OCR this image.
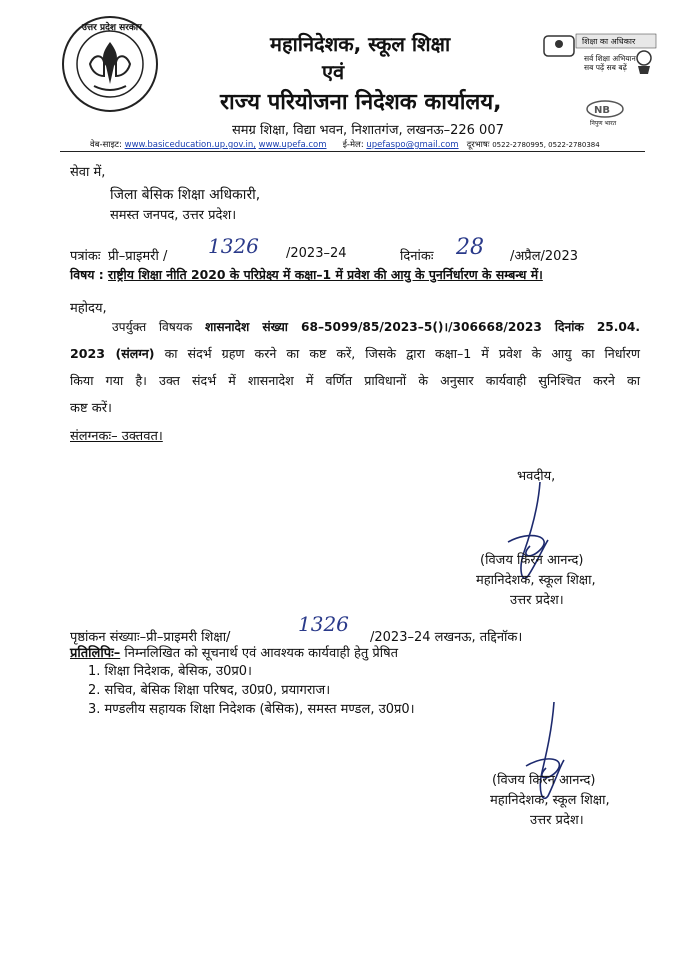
उत्तर प्रदेश सरकार
महानिदेशक, स्कूल शिक्षा
एवं
राज्य परियोजना निदेशक कार्यालय,
समग्र शिक्षा, विद्या भवन, निशातगंज, लखनऊ–226 007
शिक्षा का अधिकार
सर्व शिक्षा अभियान
सब पढ़ें सब बढ़ें
NB
निपुण भारत
वेब-साइट: www.basiceducation.up.gov.in, www.upefa.com ई-मेल: upefaspo@gmail.com दूरभाषः 0522-2780995, 0522-2780384
सेवा में,
जिला बेसिक शिक्षा अधिकारी,
समस्त जनपद, उत्तर प्रदेश।
पत्रांकः प्री–प्राइमरी / 1326 /2023–24	दिनांकः 28 /अप्रैल/2023
विषय : राष्ट्रीय शिक्षा नीति 2020 के परिप्रेक्ष्य में कक्षा–1 में प्रवेश की आयु के पुनर्निर्धारण के सम्बन्ध में।
महोदय,
उपर्युक्त विषयक शासनादेश संख्या 68–5099/85/2023–5()।/306668/2023 दिनांक 25.04.
2023 (संलग्न) का संदर्भ ग्रहण करने का कष्ट करें, जिसके द्वारा कक्षा–1 में प्रवेश के आयु का निर्धारण
किया गया है। उक्त संदर्भ में शासनादेश में वर्णित प्राविधानों के अनुसार कार्यवाही सुनिश्चित करने का
कष्ट करें।
संलग्नकः– उक्तवत।
भवदीय,
(विजय किरन आनन्द)
महानिदेशक, स्कूल शिक्षा,
उत्तर प्रदेश।
पृष्ठांकन संख्याः–प्री–प्राइमरी शिक्षा/
1326
/2023–24 लखनऊ, तद्दिनॉक।
प्रतिलिपिः– निम्नलिखित को सूचनार्थ एवं आवश्यक कार्यवाही हेतु प्रेषित
1. शिक्षा निदेशक, बेसिक, उ0प्र0।
2. सचिव, बेसिक शिक्षा परिषद, उ0प्र0, प्रयागराज।
3. मण्डलीय सहायक शिक्षा निदेशक (बेसिक), समस्त मण्डल, उ0प्र0।
(विजय किरन आनन्द)
महानिदेशक, स्कूल शिक्षा,
उत्तर प्रदेश।
